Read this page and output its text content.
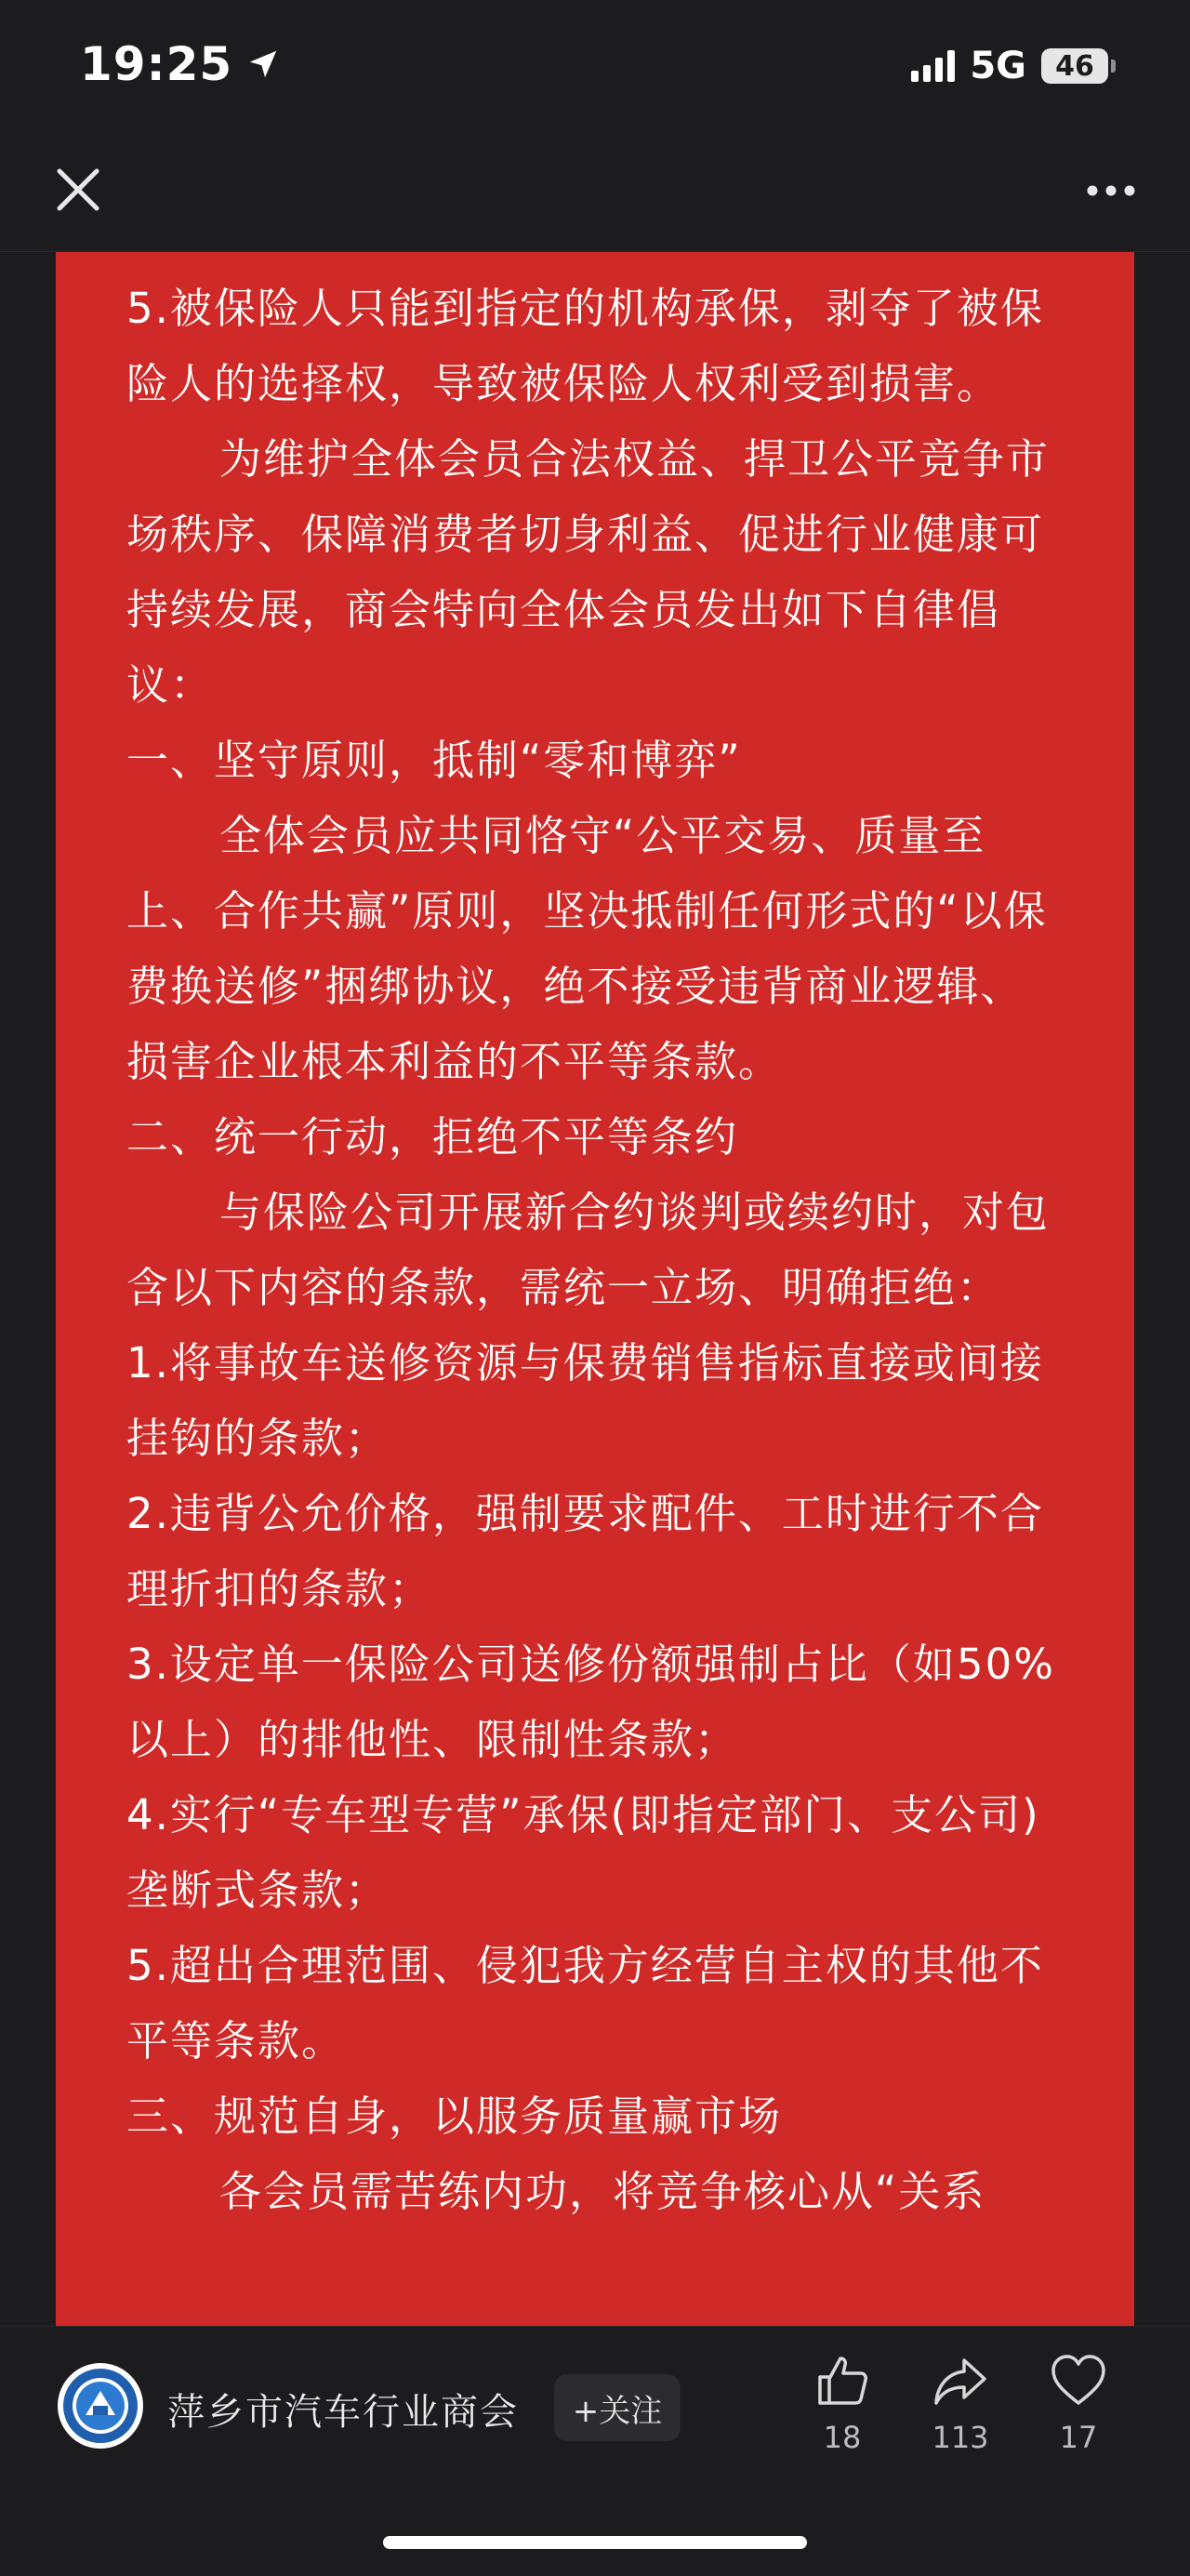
19:25	5G	46

5.被保险人只能到指定的机构承保，剥夺了被保险人的选择权，导致被保险人权利受到损害。

为维护全体会员合法权益、捍卫公平竞争市场秩序、保障消费者切身利益、促进行业健康可持续发展，商会特向全体会员发出如下自律倡议：

一、坚守原则，抵制“零和博弈”

全体会员应共同恪守“公平交易、质量至上、合作共赢”原则，坚决抵制任何形式的“以保费换送修”捆绑协议，绝不接受违背商业逻辑、损害企业根本利益的不平等条款。

二、统一行动，拒绝不平等条约

与保险公司开展新合约谈判或续约时，对包含以下内容的条款，需统一立场、明确拒绝：

1.将事故车送修资源与保费销售指标直接或间接挂钩的条款；

2.违背公允价格，强制要求配件、工时进行不合理折扣的条款；

3.设定单一保险公司送修份额强制占比（如50%以上）的排他性、限制性条款；

4.实行“专车型专营”承保(即指定部门、支公司)垄断式条款；

5.超出合理范围、侵犯我方经营自主权的其他不平等条款。

三、规范自身，以服务质量赢市场

各会员需苦练内功，将竞争核心从“关系

萍乡市汽车行业商会	+关注
18	113	17
